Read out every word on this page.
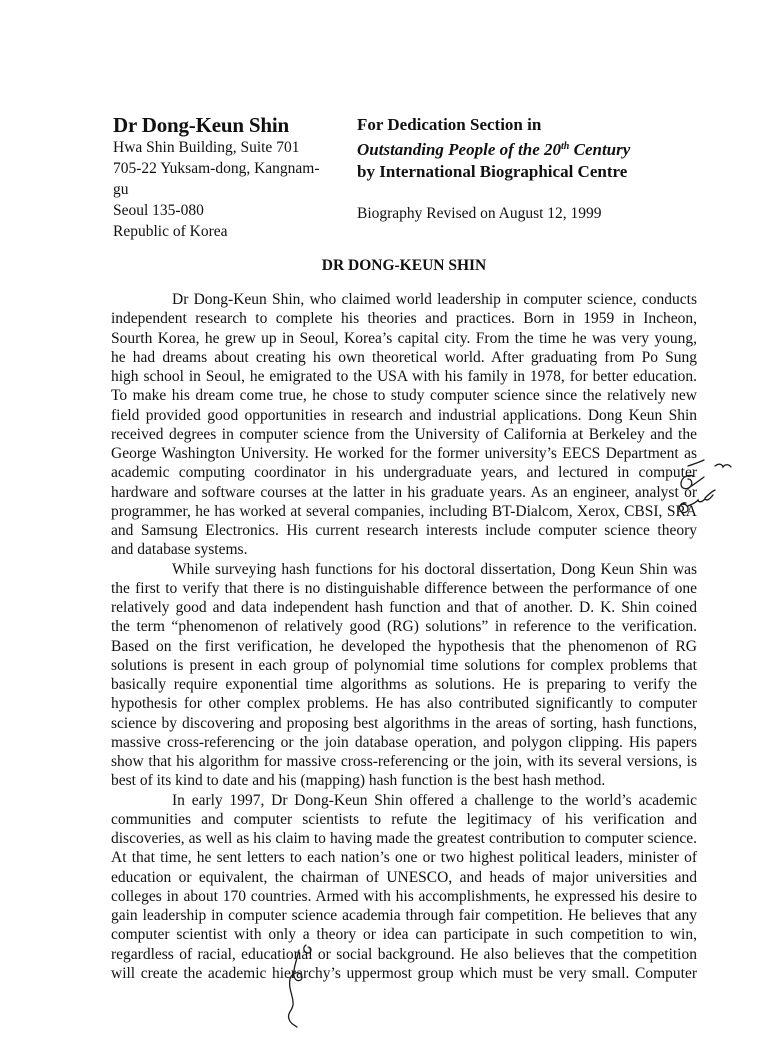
Dr Dong-Keun Shin
Hwa Shin Building, Suite 701
705-22 Yuksam-dong, Kangnam-gu
Seoul 135-080
Republic of Korea
For Dedication Section in
Outstanding People of the 20th Century
by International Biographical Centre
Biography Revised on August 12, 1999
DR DONG-KEUN SHIN
Dr Dong-Keun Shin, who claimed world leadership in computer science, conducts
independent research to complete his theories and practices. Born in 1959 in Incheon,
Sourth Korea, he grew up in Seoul, Korea’s capital city. From the time he was very young,
he had dreams about creating his own theoretical world. After graduating from Po Sung
high school in Seoul, he emigrated to the USA with his family in 1978, for better education.
To make his dream come true, he chose to study computer science since the relatively new
field provided good opportunities in research and industrial applications. Dong Keun Shin
received degrees in computer science from the University of California at Berkeley and the
George Washington University. He worked for the former university’s EECS Department as
academic computing coordinator in his undergraduate years, and lectured in computer
hardware and software courses at the latter in his graduate years. As an engineer, analyst or
programmer, he has worked at several companies, including BT-Dialcom, Xerox, CBSI, SRA
and Samsung Electronics. His current research interests include computer science theory
and database systems.
While surveying hash functions for his doctoral dissertation, Dong Keun Shin was
the first to verify that there is no distinguishable difference between the performance of one
relatively good and data independent hash function and that of another. D. K. Shin coined
the term “phenomenon of relatively good (RG) solutions” in reference to the verification.
Based on the first verification, he developed the hypothesis that the phenomenon of RG
solutions is present in each group of polynomial time solutions for complex problems that
basically require exponential time algorithms as solutions. He is preparing to verify the
hypothesis for other complex problems. He has also contributed significantly to computer
science by discovering and proposing best algorithms in the areas of sorting, hash functions,
massive cross-referencing or the join database operation, and polygon clipping. His papers
show that his algorithm for massive cross-referencing or the join, with its several versions, is
best of its kind to date and his (mapping) hash function is the best hash method.
In early 1997, Dr Dong-Keun Shin offered a challenge to the world’s academic
communities and computer scientists to refute the legitimacy of his verification and
discoveries, as well as his claim to having made the greatest contribution to computer science.
At that time, he sent letters to each nation’s one or two highest political leaders, minister of
education or equivalent, the chairman of UNESCO, and heads of major universities and
colleges in about 170 countries. Armed with his accomplishments, he expressed his desire to
gain leadership in computer science academia through fair competition. He believes that any
computer scientist with only a theory or idea can participate in such competition to win,
regardless of racial, educational or social background. He also believes that the competition
will create the academic hierarchy’s uppermost group which must be very small. Computer
